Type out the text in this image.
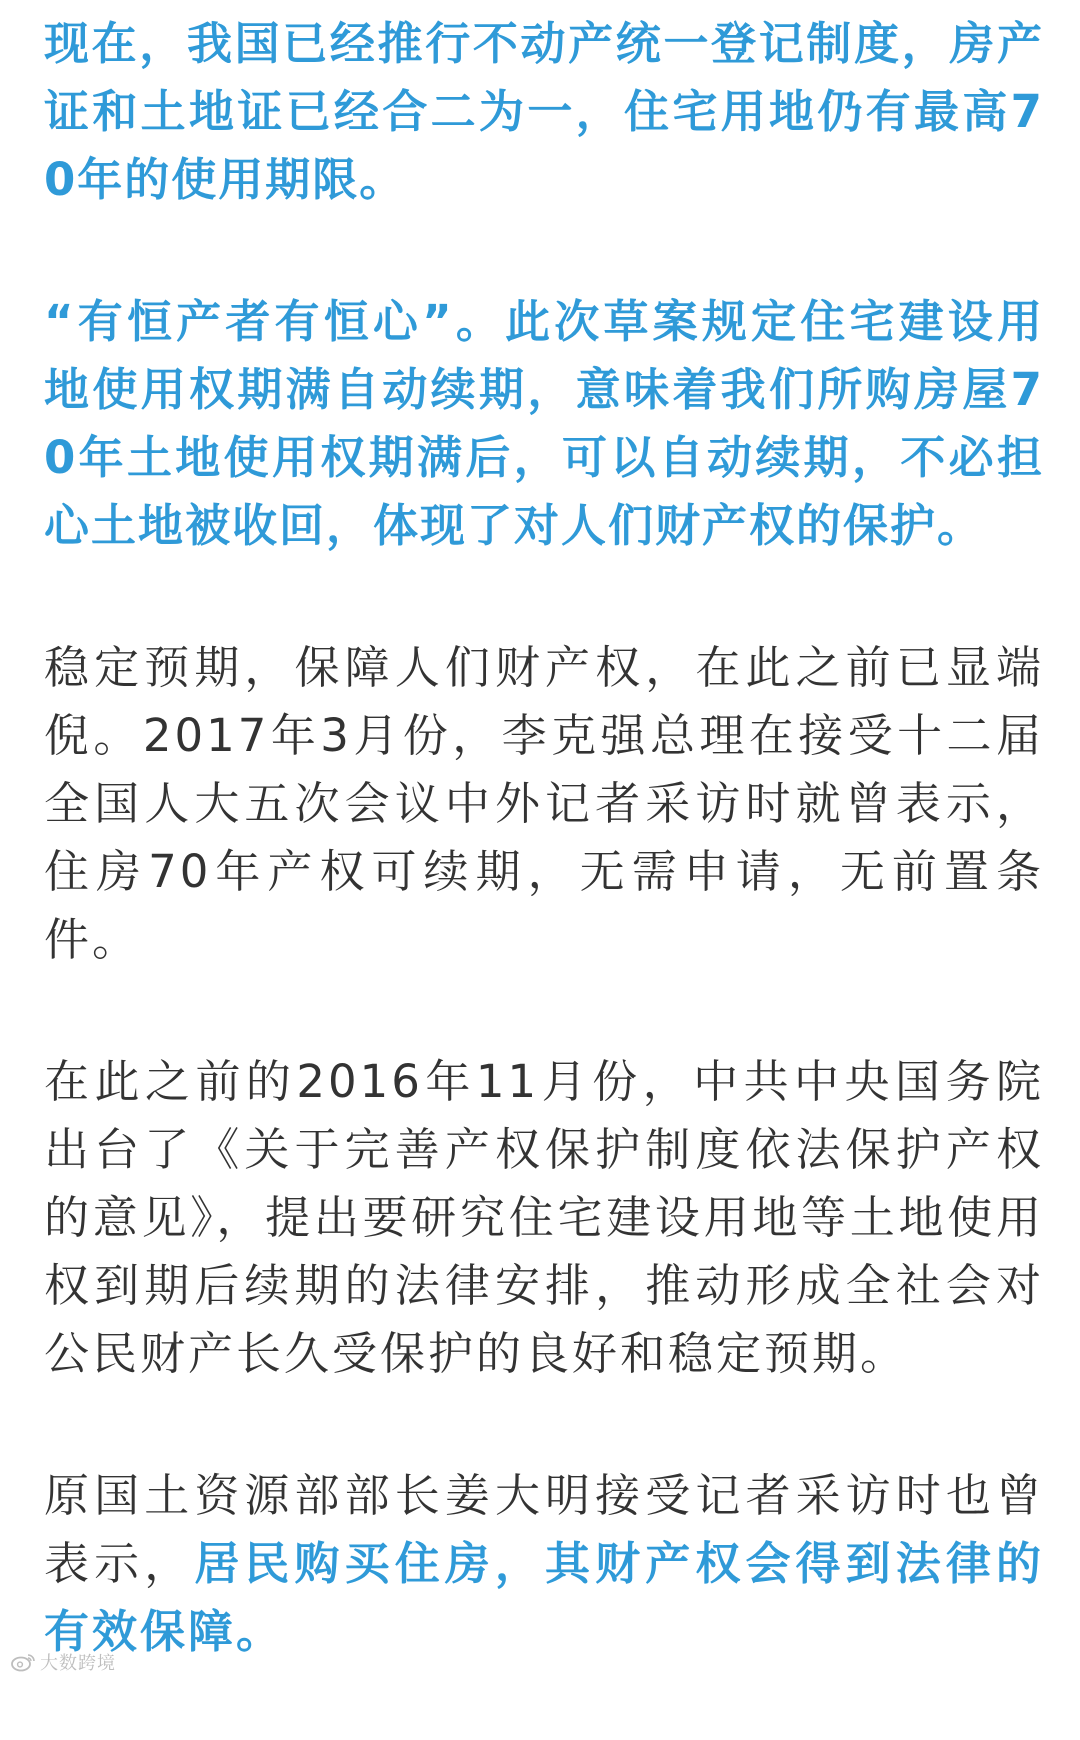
现在，我国已经推行不动产统一登记制度，房产证和土地证已经合二为一，住宅用地仍有最高70年的使用期限。

“有恒产者有恒心”。此次草案规定住宅建设用地使用权期满自动续期，意味着我们所购房屋70年土地使用权期满后，可以自动续期，不必担心土地被收回，体现了对人们财产权的保护。

稳定预期，保障人们财产权，在此之前已显端倪。2017年3月份，李克强总理在接受十二届全国人大五次会议中外记者采访时就曾表示，住房70年产权可续期，无需申请，无前置条件。

在此之前的2016年11月份，中共中央国务院出台了《关于完善产权保护制度依法保护产权的意见》，提出要研究住宅建设用地等土地使用权到期后续期的法律安排，推动形成全社会对公民财产长久受保护的良好和稳定预期。

原国土资源部部长姜大明接受记者采访时也曾表示，居民购买住房，其财产权会得到法律的有效保障。

大数跨境
